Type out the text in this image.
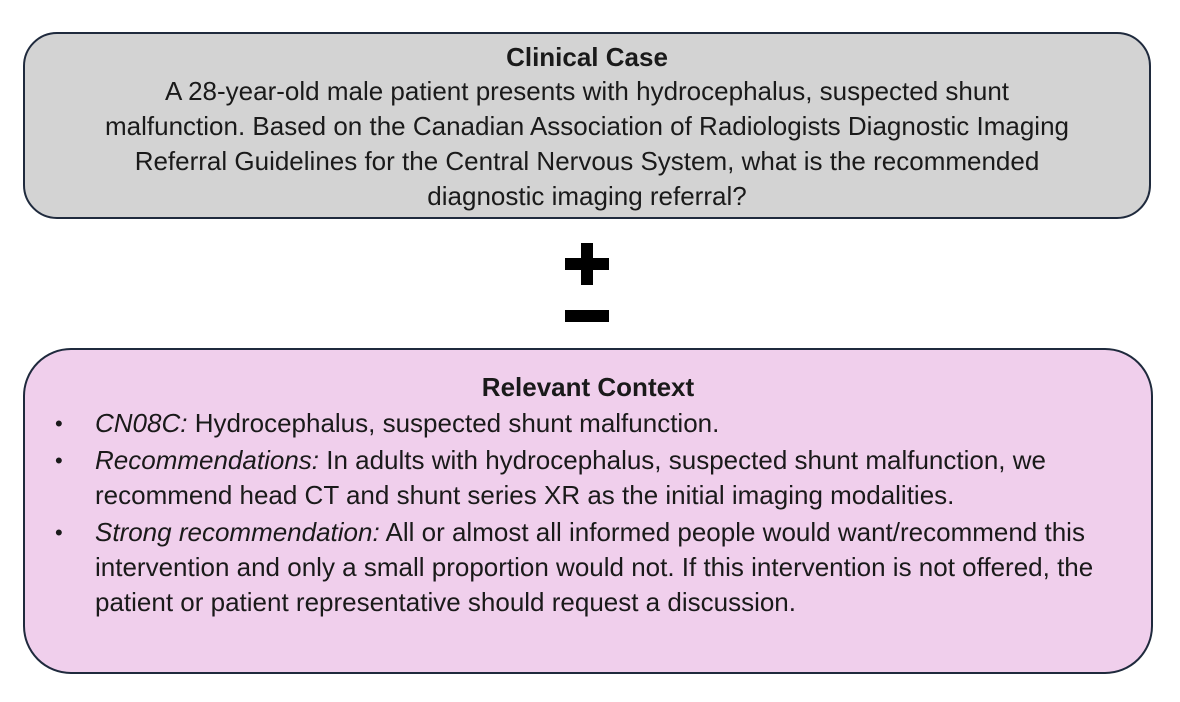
Clinical Case
A 28-year-old male patient presents with hydrocephalus, suspected shunt malfunction. Based on the Canadian Association of Radiologists Diagnostic Imaging Referral Guidelines for the Central Nervous System, what is the recommended diagnostic imaging referral?
Relevant Context
• CN08C: Hydrocephalus, suspected shunt malfunction.
• Recommendations: In adults with hydrocephalus, suspected shunt malfunction, we recommend head CT and shunt series XR as the initial imaging modalities.
• Strong recommendation: All or almost all informed people would want/recommend this intervention and only a small proportion would not. If this intervention is not offered, the patient or patient representative should request a discussion.
